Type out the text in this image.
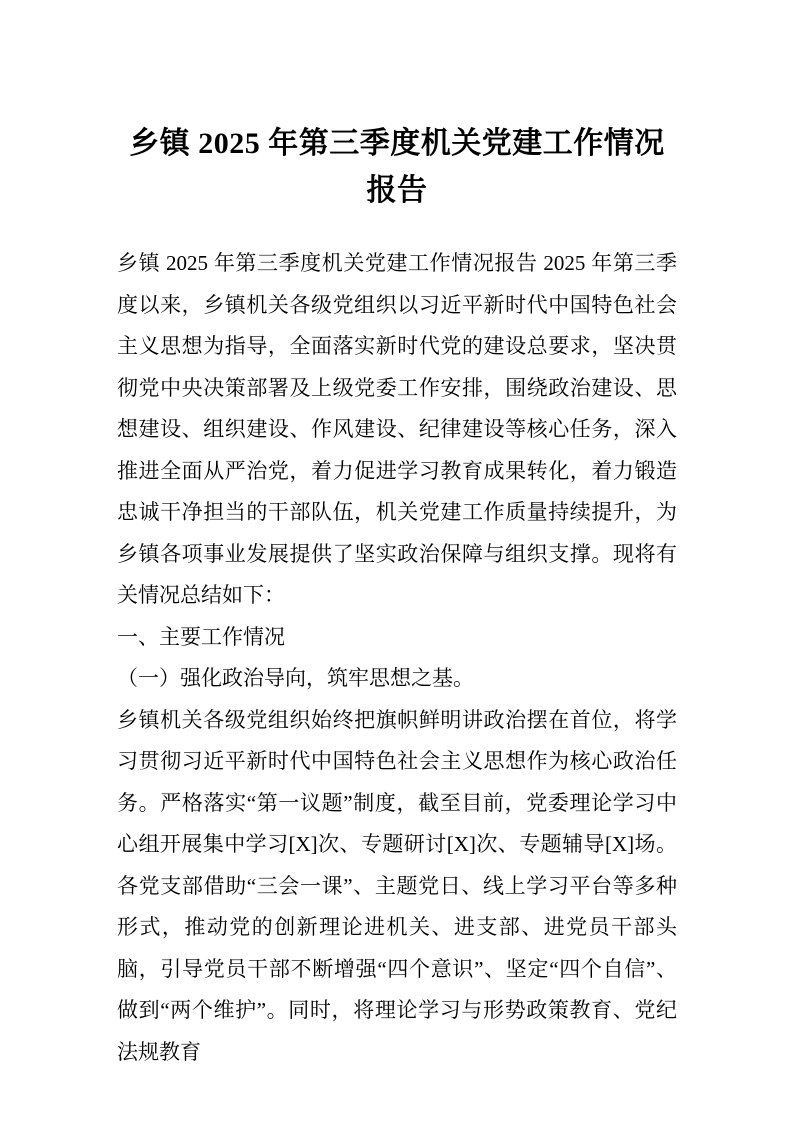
乡镇 2025 年第三季度机关党建工作情况报告

乡镇 2025 年第三季度机关党建工作情况报告 2025 年第三季度以来，乡镇机关各级党组织以习近平新时代中国特色社会主义思想为指导，全面落实新时代党的建设总要求，坚决贯彻党中央决策部署及上级党委工作安排，围绕政治建设、思想建设、组织建设、作风建设、纪律建设等核心任务，深入推进全面从严治党，着力促进学习教育成果转化，着力锻造忠诚干净担当的干部队伍，机关党建工作质量持续提升，为乡镇各项事业发展提供了坚实政治保障与组织支撑。现将有关情况总结如下：

一、主要工作情况
（一）强化政治导向，筑牢思想之基。

乡镇机关各级党组织始终把旗帜鲜明讲政治摆在首位，将学习贯彻习近平新时代中国特色社会主义思想作为核心政治任务。严格落实“第一议题”制度，截至目前，党委理论学习中心组开展集中学习[X]次、专题研讨[X]次、专题辅导[X]场。各党支部借助“三会一课”、主题党日、线上学习平台等多种形式，推动党的创新理论进机关、进支部、进党员干部头脑，引导党员干部不断增强“四个意识”、坚定“四个自信”、做到“两个维护”。同时，将理论学习与形势政策教育、党纪法规教育
